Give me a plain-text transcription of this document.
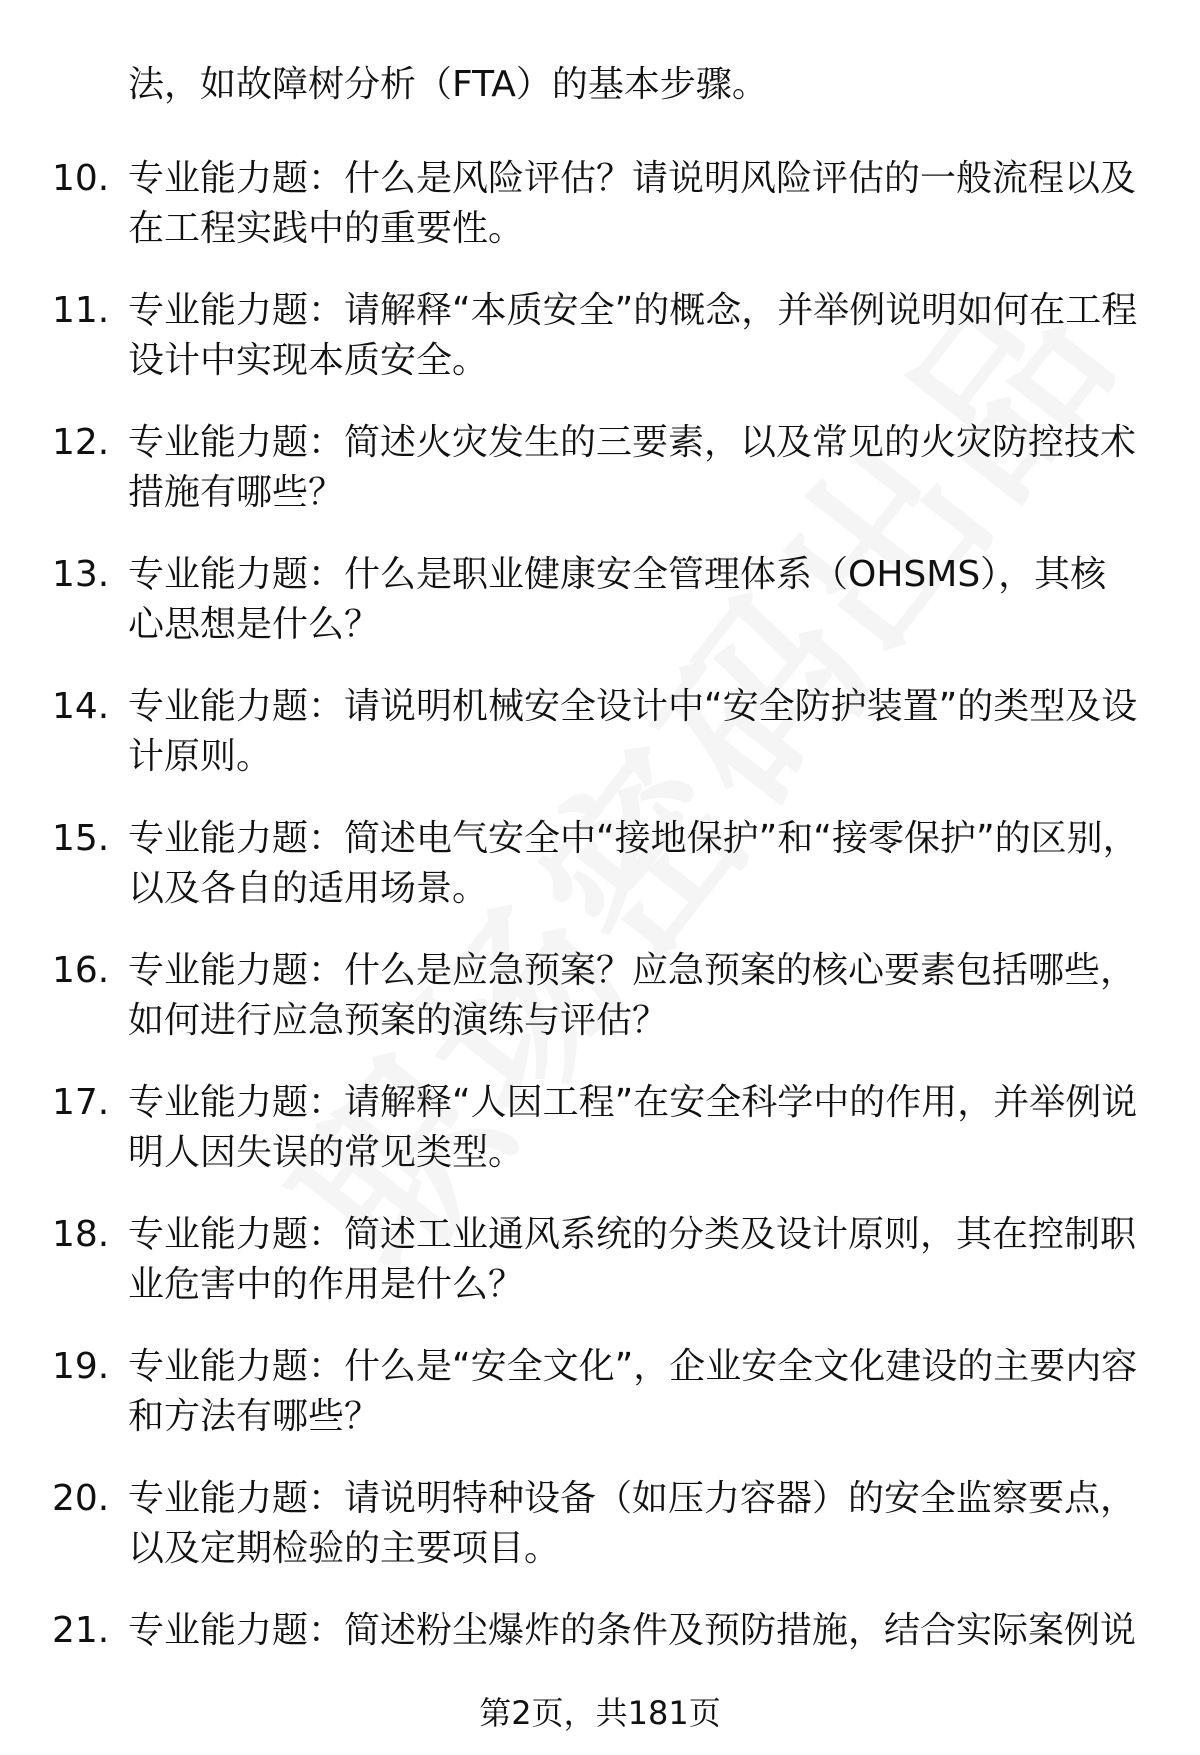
法，如故障树分析（FTA）的基本步骤。

10. 专业能力题：什么是风险评估？请说明风险评估的一般流程以及在工程实践中的重要性。

11. 专业能力题：请解释“本质安全”的概念，并举例说明如何在工程设计中实现本质安全。

12. 专业能力题：简述火灾发生的三要素，以及常见的火灾防控技术措施有哪些？

13. 专业能力题：什么是职业健康安全管理体系（OHSMS），其核心思想是什么？

14. 专业能力题：请说明机械安全设计中“安全防护装置”的类型及设计原则。

15. 专业能力题：简述电气安全中“接地保护”和“接零保护”的区别，以及各自的适用场景。

16. 专业能力题：什么是应急预案？应急预案的核心要素包括哪些，如何进行应急预案的演练与评估？

17. 专业能力题：请解释“人因工程”在安全科学中的作用，并举例说明人因失误的常见类型。

18. 专业能力题：简述工业通风系统的分类及设计原则，其在控制职业危害中的作用是什么？

19. 专业能力题：什么是“安全文化”，企业安全文化建设的主要内容和方法有哪些？

20. 专业能力题：请说明特种设备（如压力容器）的安全监察要点，以及定期检验的主要项目。

21. 专业能力题：简述粉尘爆炸的条件及预防措施，结合实际案例说

第2页，共181页
